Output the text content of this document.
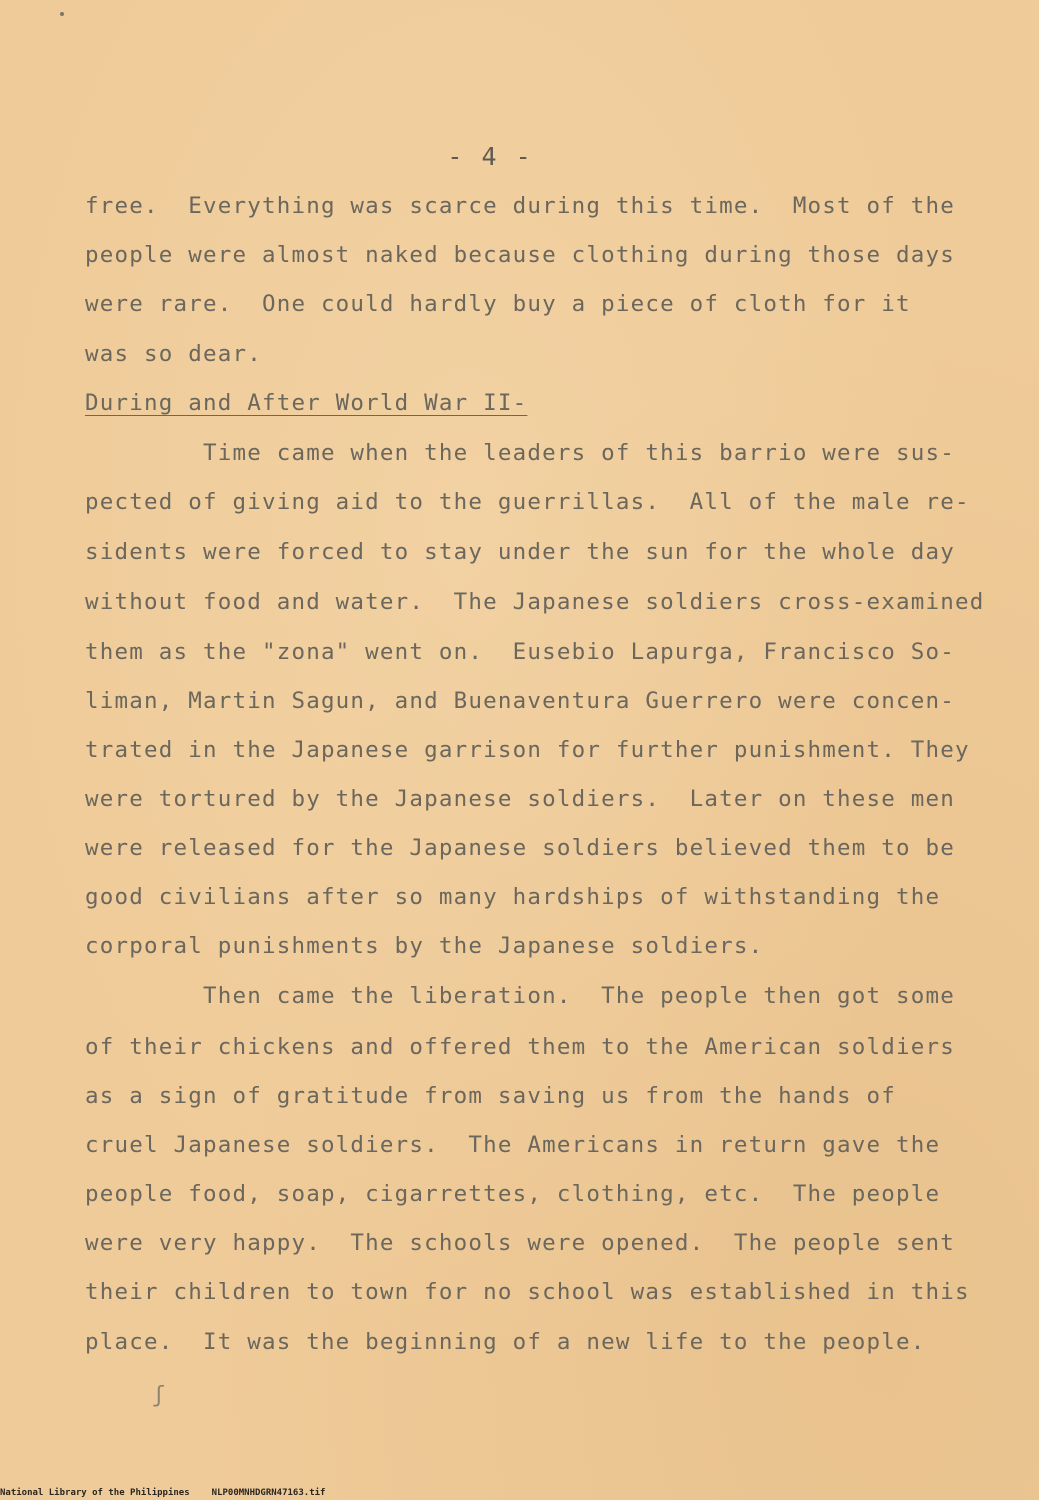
- 4 -
free.  Everything was scarce during this time.  Most of the
people were almost naked because clothing during those days
were rare.  One could hardly buy a piece of cloth for it
was so dear.
During and After World War II-
Time came when the leaders of this barrio were sus-
pected of giving aid to the guerrillas.  All of the male re-
sidents were forced to stay under the sun for the whole day
without food and water.  The Japanese soldiers cross-examined
them as the "zona" went on.  Eusebio Lapurga, Francisco So-
liman, Martin Sagun, and Buenaventura Guerrero were concen-
trated in the Japanese garrison for further punishment. They
were tortured by the Japanese soldiers.  Later on these men
were released for the Japanese soldiers believed them to be
good civilians after so many hardships of withstanding the
corporal punishments by the Japanese soldiers.
Then came the liberation.  The people then got some
of their chickens and offered them to the American soldiers
as a sign of gratitude from saving us from the hands of
cruel Japanese soldiers.  The Americans in return gave the
people food, soap, cigarrettes, clothing, etc.  The people
were very happy.  The schools were opened.  The people sent
their children to town for no school was established in this
place.  It was the beginning of a new life to the people.
ʃ
National Library of the Philippines NLP00MNHDGRN47163.tif
